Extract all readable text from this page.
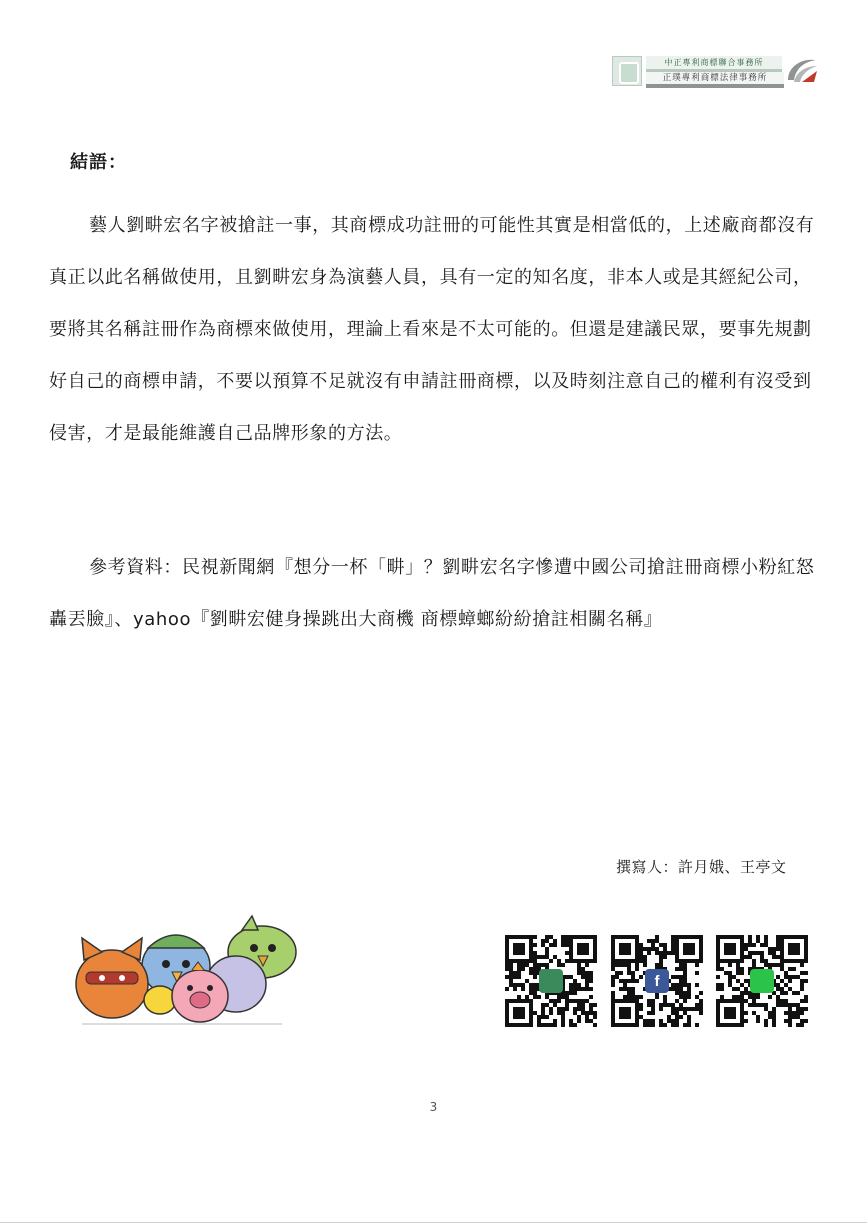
中正專利商標聯合事務所
正璞專利商標法律事務所
結語：

藝人劉畊宏名字被搶註一事，其商標成功註冊的可能性其實是相當低的，上述廠商都沒有真正以此名稱做使用，且劉畊宏身為演藝人員，具有一定的知名度，非本人或是其經紀公司，要將其名稱註冊作為商標來做使用，理論上看來是不太可能的。但還是建議民眾，要事先規劃好自己的商標申請，不要以預算不足就沒有申請註冊商標，以及時刻注意自己的權利有沒受到侵害，才是最能維護自己品牌形象的方法。

參考資料：民視新聞網『想分一杯「畊」？劉畊宏名字慘遭中國公司搶註冊商標小粉紅怒轟丟臉』、yahoo『劉畊宏健身操跳出大商機 商標蟑螂紛紛搶註相關名稱』

撰寫人：許月娥、王亭文
f
3
